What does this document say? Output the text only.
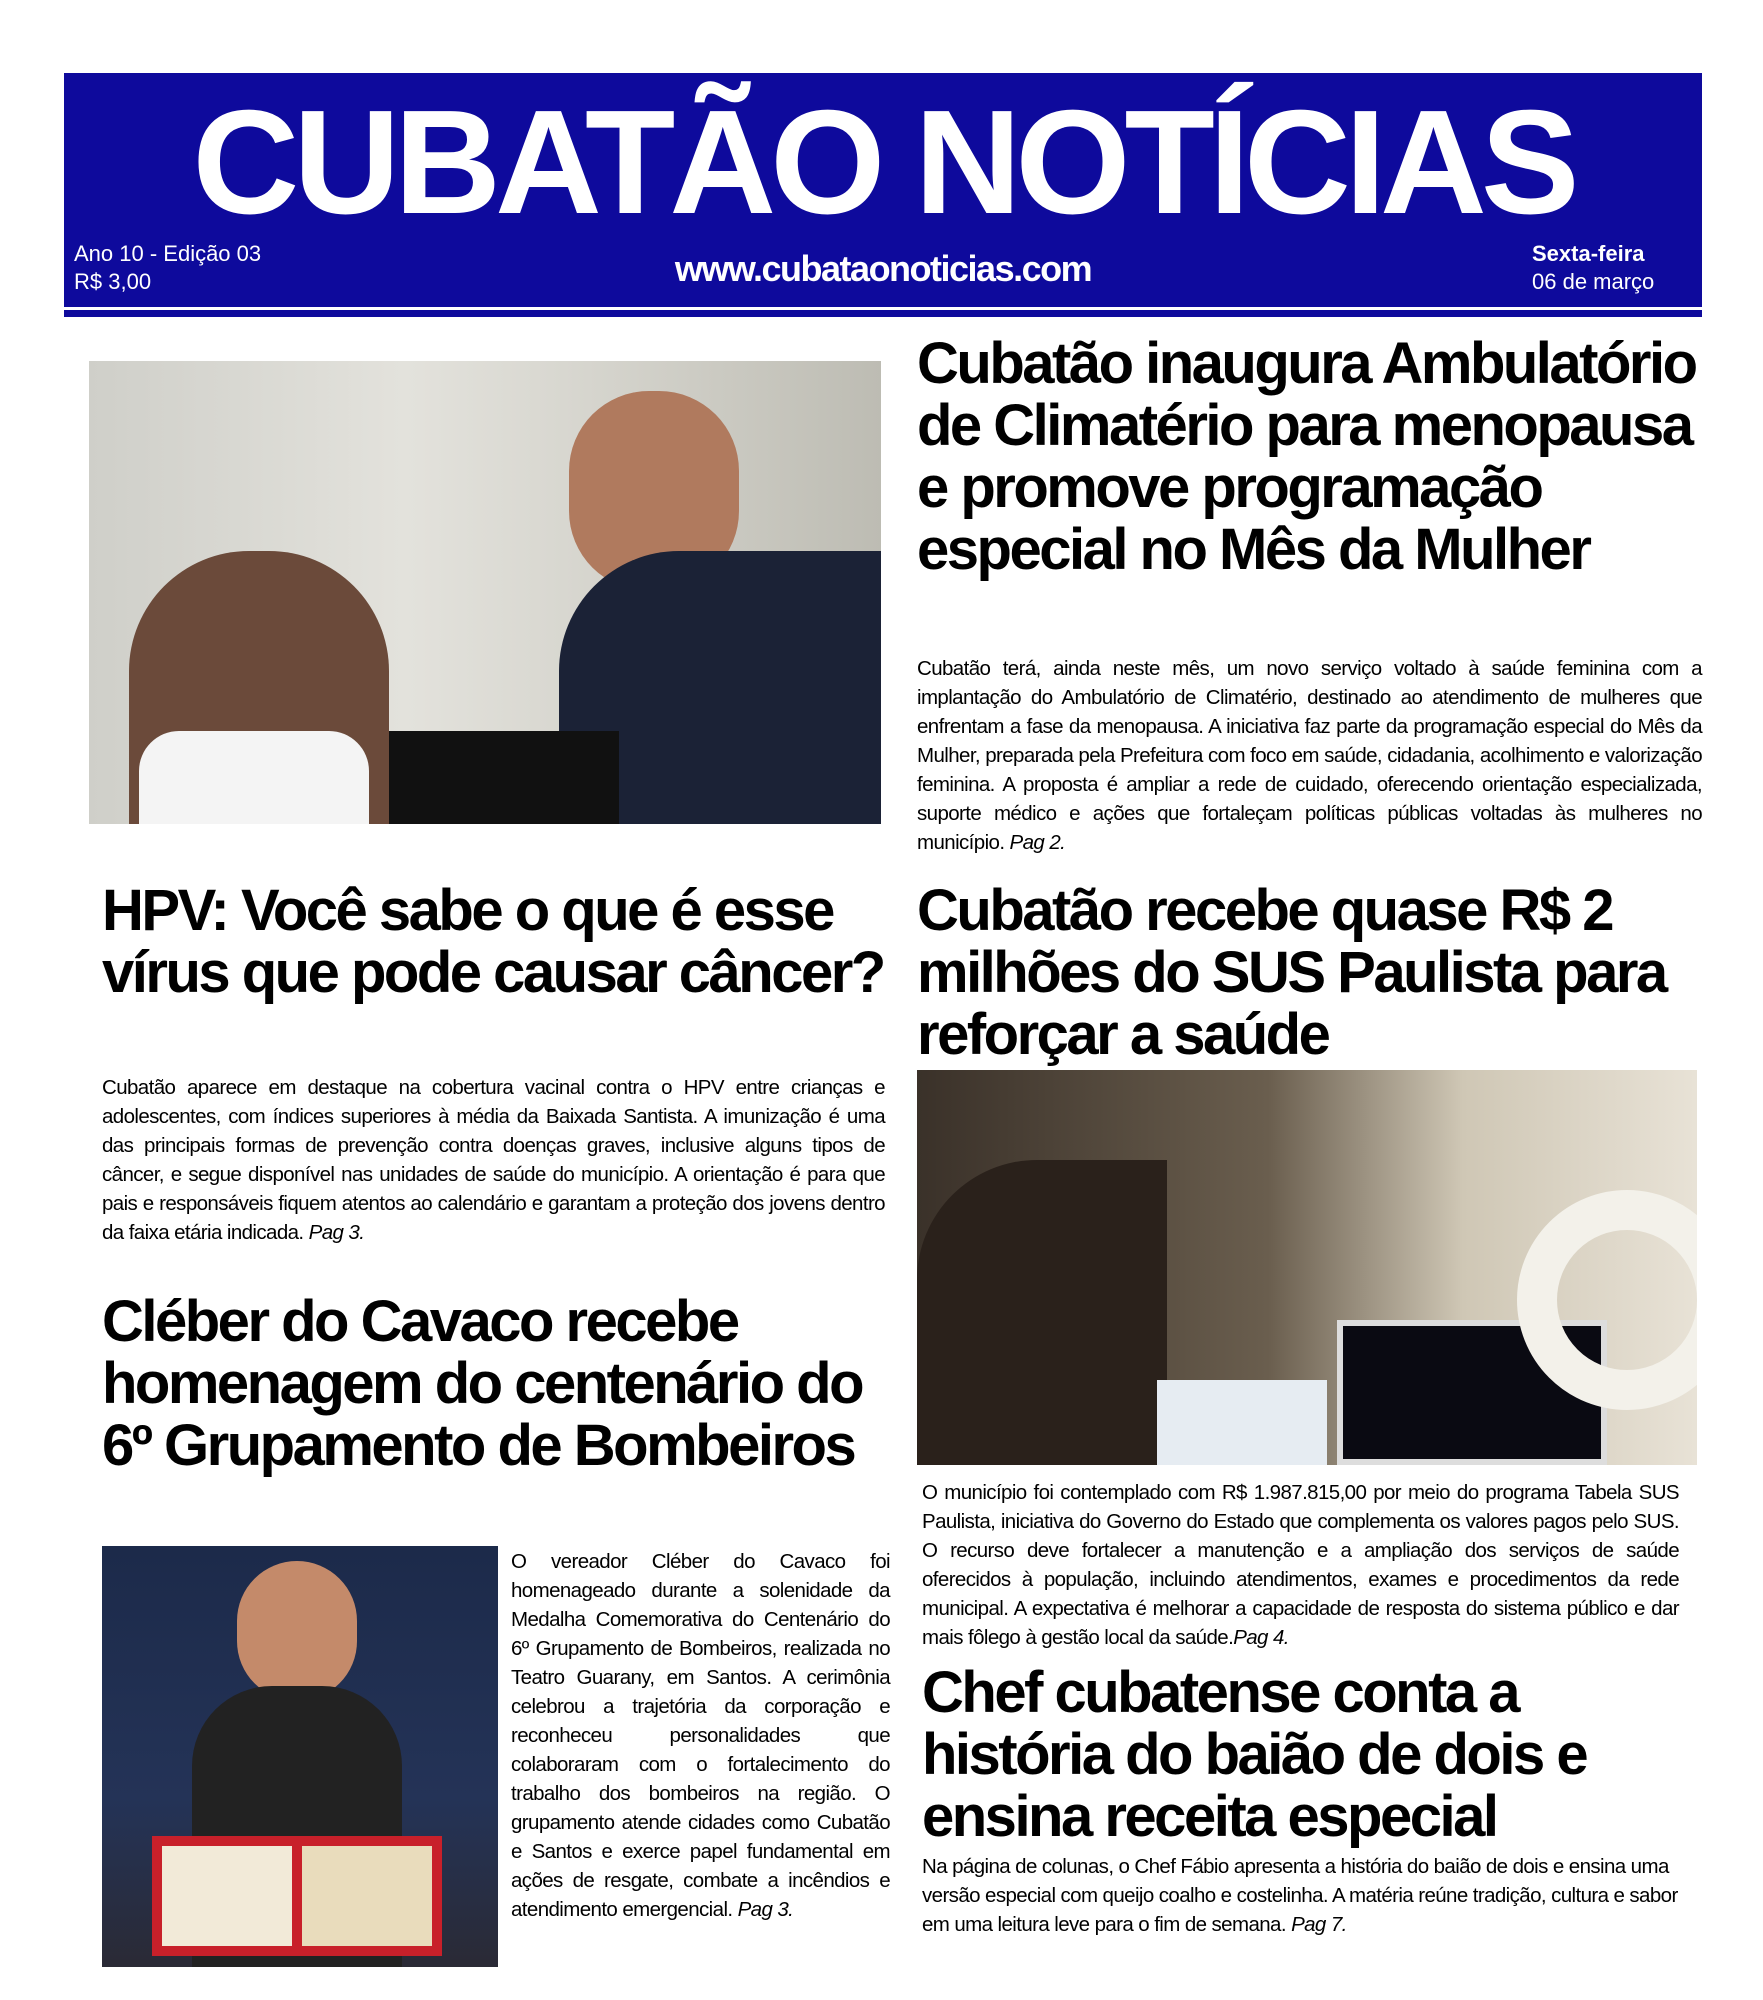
CUBATÃO NOTÍCIAS
Ano 10 - Edição 03
R$ 3,00	www.cubataonoticias.com	Sexta-feira
06 de março
Cubatão inaugura Ambulatório de Climatério para menopausa e promove programação especial no Mês da Mulher

Cubatão terá, ainda neste mês, um novo serviço voltado à saúde feminina com a implantação do Ambulatório de Climatério, destinado ao atendimento de mulheres que enfrentam a fase da menopausa. A iniciativa faz parte da programação especial do Mês da Mulher, preparada pela Prefeitura com foco em saúde, cidadania, acolhimento e valorização feminina. A proposta é ampliar a rede de cuidado, oferecendo orientação especializada, suporte médico e ações que fortaleçam políticas públicas voltadas às mulheres no município. Pag 2.

HPV: Você sabe o que é esse vírus que pode causar câncer?

Cubatão aparece em destaque na cobertura vacinal contra o HPV entre crianças e adolescentes, com índices superiores à média da Baixada Santista. A imunização é uma das principais formas de prevenção contra doenças graves, inclusive alguns tipos de câncer, e segue disponível nas unidades de saúde do município. A orientação é para que pais e responsáveis fiquem atentos ao calendário e garantam a proteção dos jovens dentro da faixa etária indicada. Pag 3.

Cléber do Cavaco recebe homenagem do centenário do 6º Grupamento de Bombeiros

O vereador Cléber do Cavaco foi homenageado durante a solenidade da Medalha Comemorativa do Centenário do 6º Grupamento de Bombeiros, realizada no Teatro Guarany, em Santos. A cerimônia celebrou a trajetória da corporação e reconheceu personalidades que colaboraram com o fortalecimento do trabalho dos bombeiros na região. O grupamento atende cidades como Cubatão e Santos e exerce papel fundamental em ações de resgate, combate a incêndios e atendimento emergencial. Pag 3.

Cubatão recebe quase R$ 2 milhões do SUS Paulista para reforçar a saúde

O município foi contemplado com R$ 1.987.815,00 por meio do programa Tabela SUS Paulista, iniciativa do Governo do Estado que complementa os valores pagos pelo SUS. O recurso deve fortalecer a manutenção e a ampliação dos serviços de saúde oferecidos à população, incluindo atendimentos, exames e procedimentos da rede municipal. A expectativa é melhorar a capacidade de resposta do sistema público e dar mais fôlego à gestão local da saúde.Pag 4.

Chef cubatense conta a história do baião de dois e ensina receita especial

Na página de colunas, o Chef Fábio apresenta a história do baião de dois e ensina uma versão especial com queijo coalho e costelinha. A matéria reúne tradição, cultura e sabor em uma leitura leve para o fim de semana. Pag 7.
